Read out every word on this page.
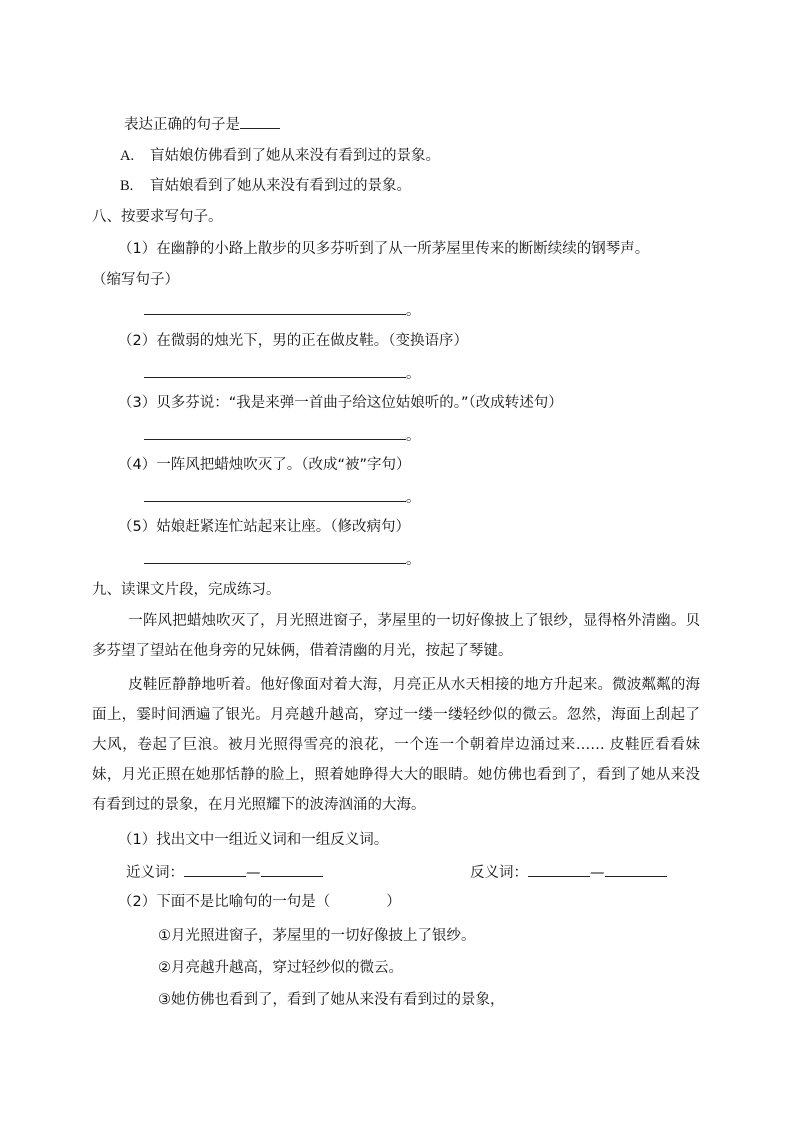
表达正确的句子是
A. 盲姑娘仿佛看到了她从来没有看到过的景象。
B. 盲姑娘看到了她从来没有看到过的景象。
八、按要求写句子。
（1）在幽静的小路上散步的贝多芬听到了从一所茅屋里传来的断断续续的钢琴声。
（缩写句子）
。
（2）在微弱的烛光下，男的正在做皮鞋。（变换语序）
。
（3）贝多芬说：“我是来弹一首曲子给这位姑娘听的。”（改成转述句）
。
（4）一阵风把蜡烛吹灭了。（改成“被”字句）
。
（5）姑娘赶紧连忙站起来让座。（修改病句）
。
九、读课文片段，完成练习。
一阵风把蜡烛吹灭了，月光照进窗子，茅屋里的一切好像披上了银纱，显得格外清幽。贝多芬望了望站在他身旁的兄妹俩，借着清幽的月光，按起了琴键。
皮鞋匠静静地听着。他好像面对着大海，月亮正从水天相接的地方升起来。微波粼粼的海面上，霎时间洒遍了银光。月亮越升越高，穿过一缕一缕轻纱似的微云。忽然，海面上刮起了大风，卷起了巨浪。被月光照得雪亮的浪花，一个连一个朝着岸边涌过来…… 皮鞋匠看看妹妹，月光正照在她那恬静的脸上，照着她睁得大大的眼睛。她仿佛也看到了，看到了她从来没有看到过的景象，在月光照耀下的波涛汹涌的大海。
（1）找出文中一组近义词和一组反义词。
近义词：	—	反义词：	—
（2）下面不是比喻句的一句是（	）
①月光照进窗子，茅屋里的一切好像披上了银纱。
②月亮越升越高，穿过轻纱似的微云。
③她仿佛也看到了，看到了她从来没有看到过的景象，
